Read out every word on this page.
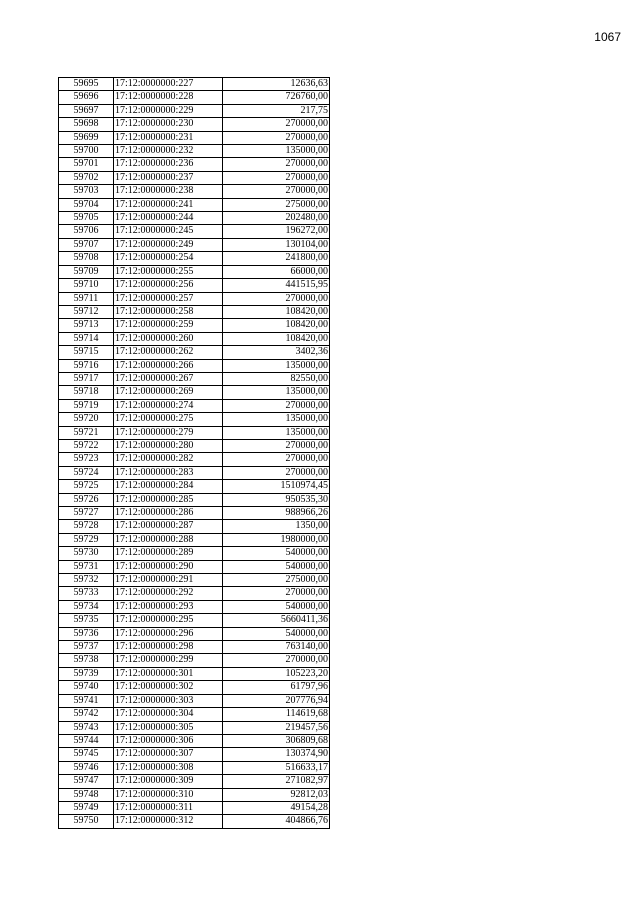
1067
59695	17:12:0000000:227	12636,63
59696	17:12:0000000:228	726760,00
59697	17:12:0000000:229	217,75
59698	17:12:0000000:230	270000,00
59699	17:12:0000000:231	270000,00
59700	17:12:0000000:232	135000,00
59701	17:12:0000000:236	270000,00
59702	17:12:0000000:237	270000,00
59703	17:12:0000000:238	270000,00
59704	17:12:0000000:241	275000,00
59705	17:12:0000000:244	202480,00
59706	17:12:0000000:245	196272,00
59707	17:12:0000000:249	130104,00
59708	17:12:0000000:254	241800,00
59709	17:12:0000000:255	66000,00
59710	17:12:0000000:256	441515,95
59711	17:12:0000000:257	270000,00
59712	17:12:0000000:258	108420,00
59713	17:12:0000000:259	108420,00
59714	17:12:0000000:260	108420,00
59715	17:12:0000000:262	3402,36
59716	17:12:0000000:266	135000,00
59717	17:12:0000000:267	82550,00
59718	17:12:0000000:269	135000,00
59719	17:12:0000000:274	270000,00
59720	17:12:0000000:275	135000,00
59721	17:12:0000000:279	135000,00
59722	17:12:0000000:280	270000,00
59723	17:12:0000000:282	270000,00
59724	17:12:0000000:283	270000,00
59725	17:12:0000000:284	1510974,45
59726	17:12:0000000:285	950535,30
59727	17:12:0000000:286	988966,26
59728	17:12:0000000:287	1350,00
59729	17:12:0000000:288	1980000,00
59730	17:12:0000000:289	540000,00
59731	17:12:0000000:290	540000,00
59732	17:12:0000000:291	275000,00
59733	17:12:0000000:292	270000,00
59734	17:12:0000000:293	540000,00
59735	17:12:0000000:295	5660411,36
59736	17:12:0000000:296	540000,00
59737	17:12:0000000:298	763140,00
59738	17:12:0000000:299	270000,00
59739	17:12:0000000:301	105223,20
59740	17:12:0000000:302	61797,96
59741	17:12:0000000:303	207776,94
59742	17:12:0000000:304	114619,68
59743	17:12:0000000:305	219457,56
59744	17:12:0000000:306	306809,68
59745	17:12:0000000:307	130374,90
59746	17:12:0000000:308	516633,17
59747	17:12:0000000:309	271082,97
59748	17:12:0000000:310	92812,03
59749	17:12:0000000:311	49154,28
59750	17:12:0000000:312	404866,76
